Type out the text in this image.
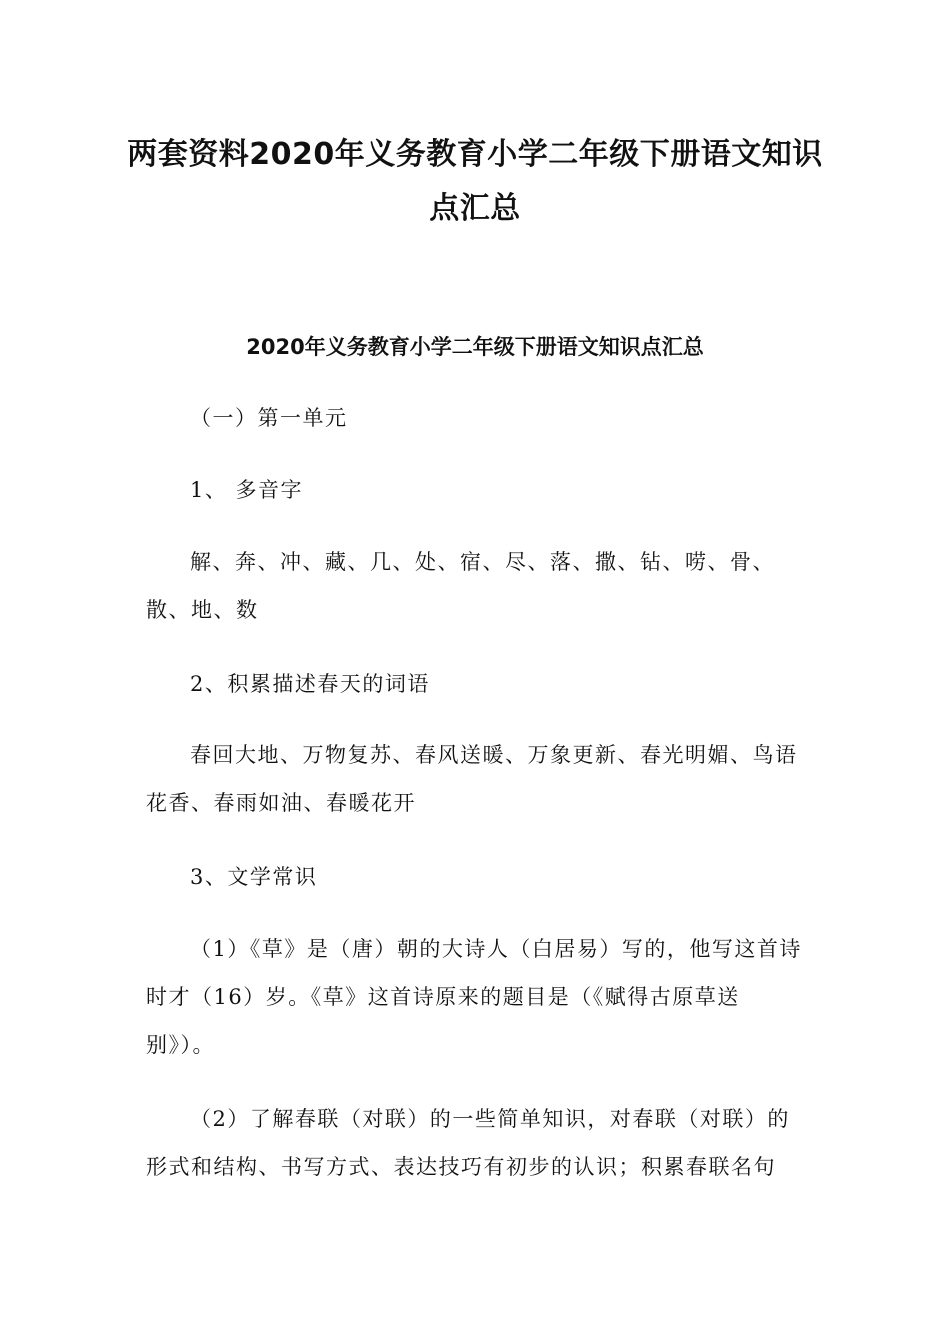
两套资料2020年义务教育小学二年级下册语文知识点汇总
2020年义务教育小学二年级下册语文知识点汇总
（一）第一单元
1、 多音字
解、奔、冲、藏、几、处、宿、尽、落、撒、钻、唠、骨、散、地、数
2、积累描述春天的词语
春回大地、万物复苏、春风送暖、万象更新、春光明媚、鸟语花香、春雨如油、春暖花开
3、文学常识
（1）《草》是（唐）朝的大诗人（白居易）写的，他写这首诗时才（16）岁。《草》这首诗原来的题目是（《赋得古原草送别》）。
（2）了解春联（对联）的一些简单知识，对春联（对联）的形式和结构、书写方式、表达技巧有初步的认识；积累春联名句
